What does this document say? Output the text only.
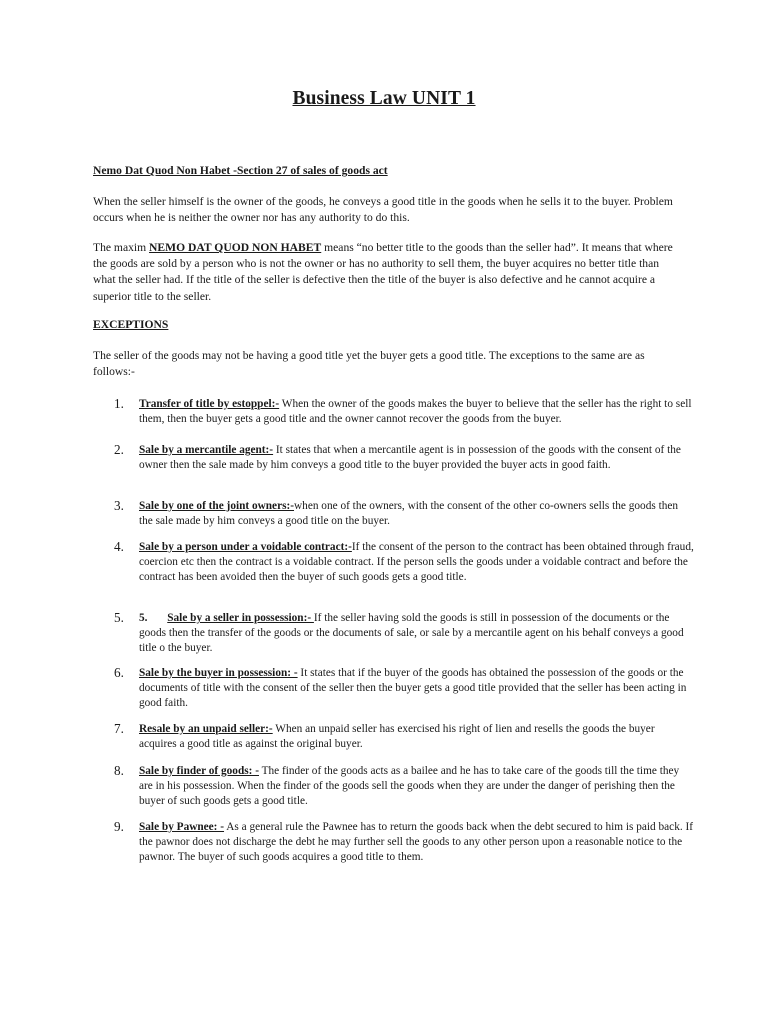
Business Law UNIT 1
Nemo Dat Quod Non Habet -Section 27 of sales of goods act

When the seller himself is the owner of the goods, he conveys a good title in the goods when he sells it to the buyer. Problem occurs when he is neither the owner nor has any authority to do this.

The maxim NEMO DAT QUOD NON HABET means “no better title to the goods than the seller had”. It means that where the goods are sold by a person who is not the owner or has no authority to sell them, the buyer acquires no better title than what the seller had. If the title of the seller is defective then the title of the buyer is also defective and he cannot acquire a superior title to the seller.

EXCEPTIONS

The seller of the goods may not be having a good title yet the buyer gets a good title. The exceptions to the same are as follows:-

1.	Transfer of title by estoppel:- When the owner of the goods makes the buyer to believe that the seller has the right to sell them, then the buyer gets a good title and the owner cannot recover the goods from the buyer.
2.	Sale by a mercantile agent:- It states that when a mercantile agent is in possession of the goods with the consent of the owner then the sale made by him conveys a good title to the buyer provided the buyer acts in good faith.
3.	Sale by one of the joint owners:-when one of the owners, with the consent of the other co-owners sells the goods then the sale made by him conveys a good title on the buyer.
4.	Sale by a person under a voidable contract:-If the consent of the person to the contract has been obtained through fraud, coercion etc then the contract is a voidable contract. If the person sells the goods under a voidable contract and before the contract has been avoided then the buyer of such goods gets a good title.
5.	5.       Sale by a seller in possession:- If the seller having sold the goods is still in possession of the documents or the goods then the transfer of the goods or the documents of sale, or sale by a mercantile agent on his behalf conveys a good title o the buyer.
6.	Sale by the buyer in possession: - It states that if the buyer of the goods has obtained the possession of the goods or the documents of title with the consent of the seller then the buyer gets a good title provided that the seller has been acting in good faith.
7.	Resale by an unpaid seller:- When an unpaid seller has exercised his right of lien and resells the goods the buyer acquires a good title as against the original buyer.
8.	Sale by finder of goods: - The finder of the goods acts as a bailee and he has to take care of the goods till the time they are in his possession. When the finder of the goods sell the goods when they are under the danger of perishing then the buyer of such goods gets a good title.
9.	Sale by Pawnee: - As a general rule the Pawnee has to return the goods back when the debt secured to him is paid back. If the pawnor does not discharge the debt he may further sell the goods to any other person upon a reasonable notice to the pawnor. The buyer of such goods acquires a good title to them.
